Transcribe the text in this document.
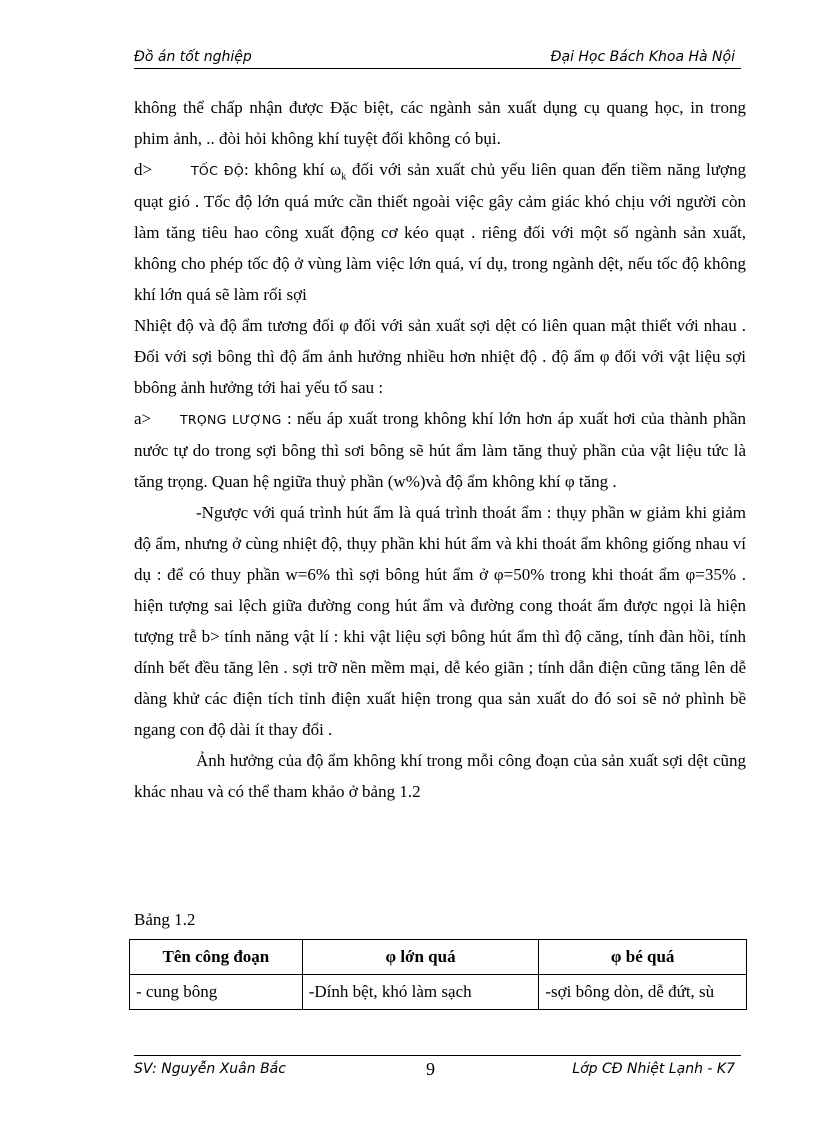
Đồ án tốt nghiệp	Đại Học Bách Khoa Hà Nội

không thể chấp nhận được Đặc biệt, các ngành sản xuất dụng cụ quang học, in trong phim ảnh, .. đòi hỏi không khí tuyệt đối không có bụi.

d>	TỐC ĐỘ: không khí $\omega_k$ đối với sản xuất chủ yếu liên quan đến tiềm năng lượng quạt gió . Tốc độ lớn quá mức cần thiết ngoài việc gây cảm giác khó chịu với người còn làm tăng tiêu hao công xuất động cơ kéo quạt . riêng đối với một số ngành sản xuất, không cho phép tốc độ ở vùng làm việc lớn quá, ví dụ, trong ngành dệt, nếu tốc độ không khí lớn quá sẽ làm rối sợi

Nhiệt độ và độ ẩm tương đối φ đối với sản xuất sợi dệt có liên quan mật thiết với nhau . Đối với sợi bông thì độ ẩm ảnh hưởng nhiều hơn nhiệt độ . độ ẩm φ đối với vật liệu sợi bbông ảnh hưởng tới hai yếu tố sau :

a> TRỌNG LƯỢNG : nếu áp xuất trong không khí lớn hơn áp xuất hơi của thành phần nước tự do trong sợi bông thì sơi bông sẽ hút ẩm làm tăng thuỷ phần của vật liệu tức là tăng trọng. Quan hệ ngiữa thuỷ phần (w%)và độ ẩm không khí φ tăng .

-Ngược với quá trình hút ẩm là quá trình thoát ẩm : thụy phần w giảm khi giảm độ ẩm, nhưng ở cùng nhiệt độ, thụy phần khi hút ẩm và khi thoát ẩm không giống nhau ví dụ : để có thuy phần w=6% thì sợi bông hút ẩm ở φ=50% trong khi thoát ẩm φ=35% . hiện tượng sai lệch giữa đường cong hút ẩm và đường cong thoát ẩm được ngọi là hiện tượng trễ b> tính năng vật lí : khi vật liệu sợi bông hút ẩm thì độ căng, tính đàn hồi, tính dính bết đều tăng lên . sợi trỡ nền mềm mại, dễ kéo giãn ; tính dẫn điện cũng tăng lên dễ dàng khử các điện tích tỉnh điện xuất hiện trong qua sản xuất do đó soi sẽ nở phình bề ngang con độ dài ít thay đổi .

Ảnh hưởng của độ ẩm không khí trong mỗi công đoạn của sản xuất sợi dệt cũng khác nhau và có thể tham khảo ở bảng 1.2

Bảng 1.2
Tên công đoạn	φ lớn quá	φ bé quá
- cung bông	-Dính bệt, khó làm sạch	-sợi bông dòn, dễ đứt, sù
SV: Nguyễn Xuân Bắc	9	Lớp CĐ Nhiệt Lạnh - K7
